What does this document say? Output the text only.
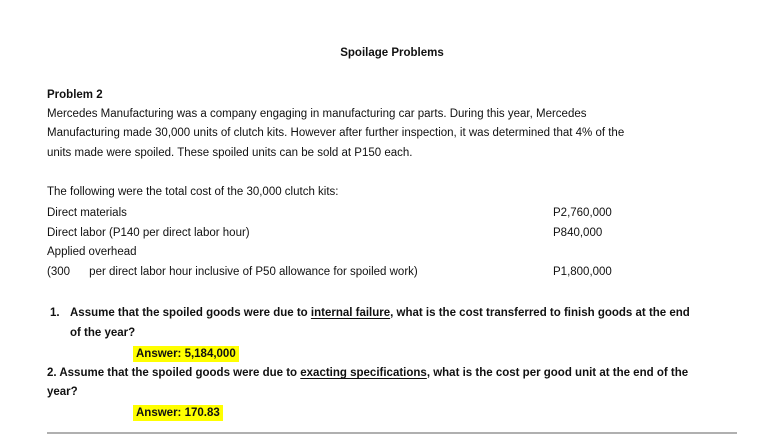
Spoilage Problems
Problem 2
Mercedes Manufacturing was a company engaging in manufacturing car parts. During this year, Mercedes
Manufacturing made 30,000 units of clutch kits. However after further inspection, it was determined that 4% of the
units made were spoiled. These spoiled units can be sold at P150 each.
The following were the total cost of the 30,000 clutch kits:
Direct materials	P2,760,000
Direct labor (P140 per direct labor hour)	P840,000
Applied overhead
(300      per direct labor hour inclusive of P50 allowance for spoiled work)	P1,800,000
1. Assume that the spoiled goods were due to internal failure, what is the cost transferred to finish goods at the end
of the year?
Answer: 5,184,000
2. Assume that the spoiled goods were due to exacting specifications, what is the cost per good unit at the end of the
year?
Answer: 170.83
